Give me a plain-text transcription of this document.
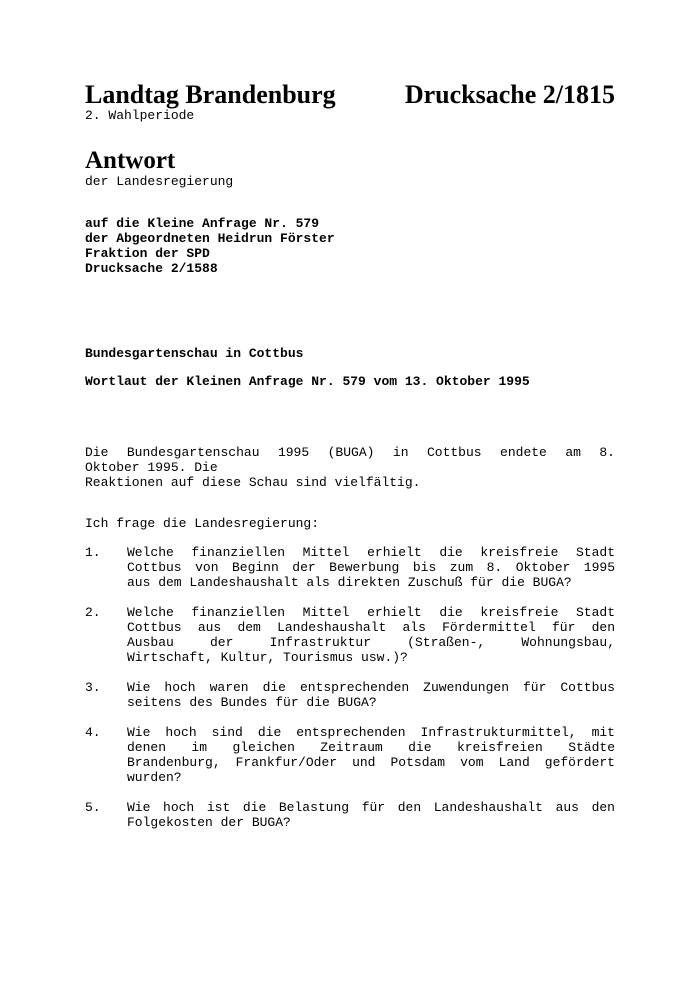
Landtag Brandenburg	Drucksache 2/1815
2. Wahlperiode
Antwort
der Landesregierung
auf die Kleine Anfrage Nr. 579
der Abgeordneten Heidrun Förster
Fraktion der SPD
Drucksache 2/1588
Bundesgartenschau in Cottbus
Wortlaut der Kleinen Anfrage Nr. 579 vom 13. Oktober 1995
Die Bundesgartenschau 1995 (BUGA) in Cottbus endete am 8.
Oktober 1995. Die
Reaktionen auf diese Schau sind vielfältig.
Ich frage die Landesregierung:
1.	Welche finanziellen Mittel erhielt die kreisfreie Stadt
Cottbus von Beginn der Bewerbung bis zum 8. Oktober 1995
aus dem Landeshaushalt als direkten Zuschuß für die BUGA?
2.	Welche finanziellen Mittel erhielt die kreisfreie Stadt
Cottbus aus dem Landeshaushalt als Fördermittel für den
Ausbau der Infrastruktur (Straßen-, Wohnungsbau,
Wirtschaft, Kultur, Tourismus usw.)?
3.	Wie hoch waren die entsprechenden Zuwendungen für Cottbus
seitens des Bundes für die BUGA?
4.	Wie hoch sind die entsprechenden Infrastrukturmittel, mit
denen im gleichen Zeitraum die kreisfreien Städte
Brandenburg, Frankfur/Oder und Potsdam vom Land gefördert
wurden?
5.	Wie hoch ist die Belastung für den Landeshaushalt aus den
Folgekosten der BUGA?
